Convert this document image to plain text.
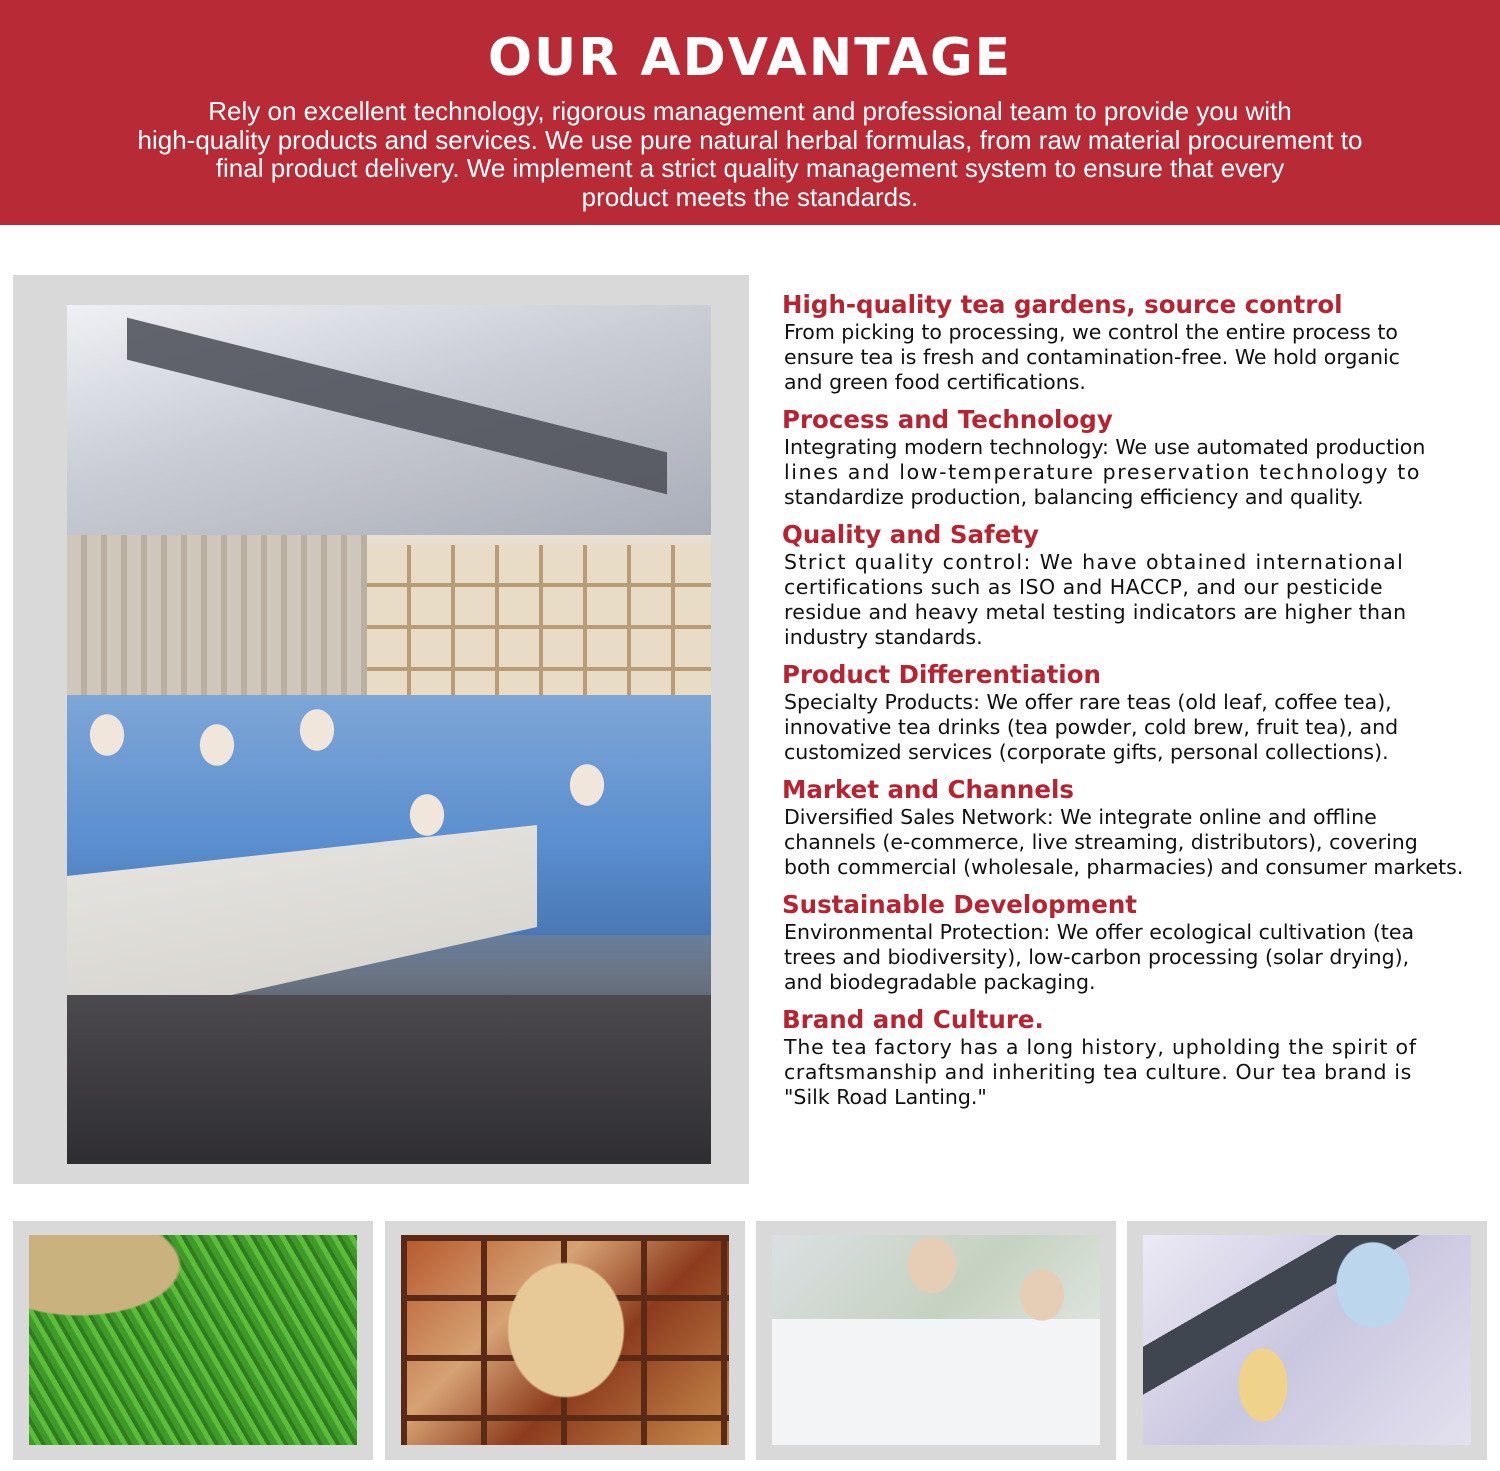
OUR ADVANTAGE
Rely on excellent technology, rigorous management and professional team to provide you with
high-quality products and services. We use pure natural herbal formulas, from raw material procurement to
final product delivery. We implement a strict quality management system to ensure that every
product meets the standards.
High-quality tea gardens, source control

From picking to processing, we control the entire process to
ensure tea is fresh and contamination-free. We hold organic
and green food certifications.

Process and Technology

Integrating modern technology: We use automated production
lines and low-temperature preservation technology to
standardize production, balancing efficiency and quality.

Quality and Safety

Strict quality control: We have obtained international
certifications such as ISO and HACCP, and our pesticide
residue and heavy metal testing indicators are higher than
industry standards.

Product Differentiation

Specialty Products: We offer rare teas (old leaf, coffee tea),
innovative tea drinks (tea powder, cold brew, fruit tea), and
customized services (corporate gifts, personal collections).

Market and Channels

Diversified Sales Network: We integrate online and offline
channels (e-commerce, live streaming, distributors), covering
both commercial (wholesale, pharmacies) and consumer markets.

Sustainable Development

Environmental Protection: We offer ecological cultivation (tea
trees and biodiversity), low-carbon processing (solar drying),
and biodegradable packaging.

Brand and Culture.

The tea factory has a long history, upholding the spirit of
craftsmanship and inheriting tea culture. Our tea brand is
"Silk Road Lanting."
